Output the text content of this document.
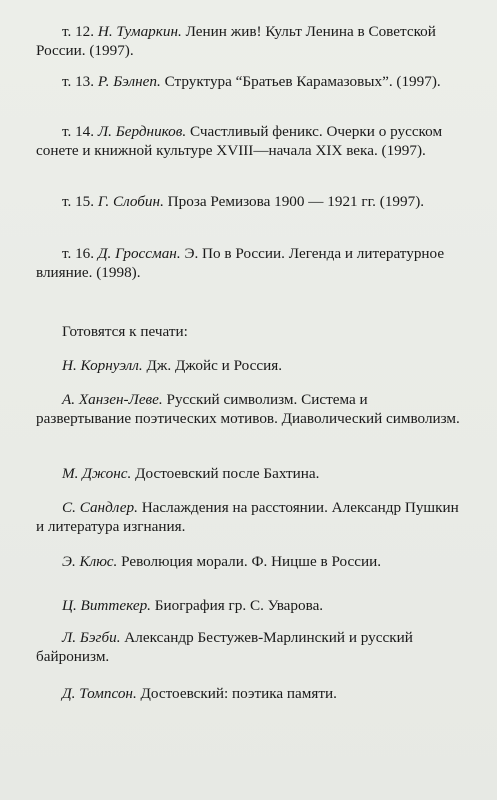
т. 12. Н. Тумаркин. Ленин жив! Культ Ленина в Советской России. (1997).

т. 13. Р. Бэлнеп. Структура “Братьев Карамазовых”. (1997).

т. 14. Л. Бердников. Счастливый феникс. Очерки о русском сонете и книжной культуре XVIII—начала XIX века. (1997).

т. 15. Г. Слобин. Проза Ремизова 1900 — 1921 гг. (1997).

т. 16. Д. Гроссман. Э. По в России. Легенда и литературное влияние. (1998).

Готовятся к печати:
Н. Корнуэлл. Дж. Джойс и Россия.
А. Ханзен-Леве. Русский символизм. Система и развертывание поэтических мотивов. Диаволический символизм.
М. Джонс. Достоевский после Бахтина.
С. Сандлер. Наслаждения на расстоянии. Александр Пушкин и литература изгнания.
Э. Клюс. Революция морали. Ф. Ницше в России.
Ц. Виттекер. Биография гр. С. Уварова.
Л. Бэгби. Александр Бестужев-Марлинский и русский байронизм.
Д. Томпсон. Достоевский: поэтика памяти.
